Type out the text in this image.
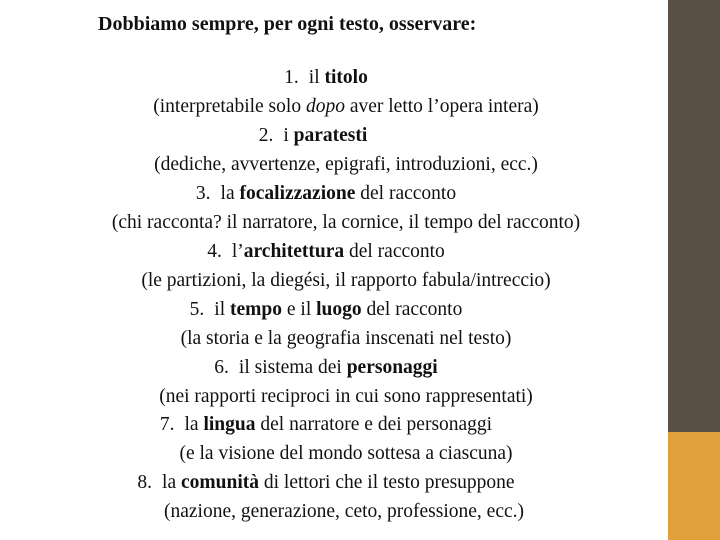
Dobbiamo sempre, per ogni testo, osservare:
1. il titolo
(interpretabile solo dopo aver letto l’opera intera)
2. i paratesti
(dediche, avvertenze, epigrafi, introduzioni, ecc.)
3. la focalizzazione del racconto
(chi racconta? il narratore, la cornice, il tempo del racconto)
4. l’architettura del racconto
(le partizioni, la diegési, il rapporto fabula/intreccio)
5. il tempo e il luogo del racconto
(la storia e la geografia inscenati nel testo)
6. il sistema dei personaggi
(nei rapporti reciproci in cui sono rappresentati)
7. la lingua del narratore e dei personaggi
(e la visione del mondo sottesa a ciascuna)
8. la comunità di lettori che il testo presuppone
(nazione, generazione, ceto, professione, ecc.)
